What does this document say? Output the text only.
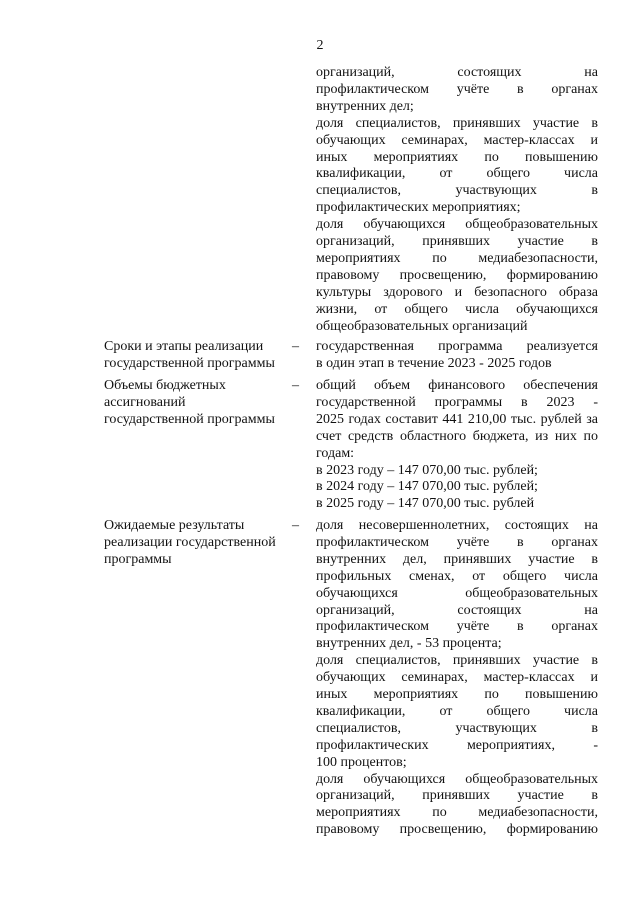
2
организаций, состоящих на
профилактическом учёте в органах
внутренних дел;
доля специалистов, принявших участие в
обучающих семинарах, мастер-классах и
иных мероприятиях по повышению
квалификации, от общего числа
специалистов, участвующих в
профилактических мероприятиях;
доля обучающихся общеобразовательных
организаций, принявших участие в
мероприятиях по медиабезопасности,
правовому просвещению, формированию
культуры здорового и безопасного образа
жизни, от общего числа обучающихся
общеобразовательных организаций
Сроки и этапы реализации
государственной программы
– государственная программа реализуется
в один этап в течение 2023 - 2025 годов
Объемы бюджетных
ассигнований
государственной программы
– общий объем финансового обеспечения
государственной программы в 2023 -
2025 годах составит 441 210,00 тыс. рублей за
счет средств областного бюджета, из них по
годам:
в 2023 году – 147 070,00 тыс. рублей;
в 2024 году – 147 070,00 тыс. рублей;
в 2025 году – 147 070,00 тыс. рублей
Ожидаемые результаты
реализации государственной
программы
– доля несовершеннолетних, состоящих на
профилактическом учёте в органах
внутренних дел, принявших участие в
профильных сменах, от общего числа
обучающихся общеобразовательных
организаций, состоящих на
профилактическом учёте в органах
внутренних дел, - 53 процента;
доля специалистов, принявших участие в
обучающих семинарах, мастер-классах и
иных мероприятиях по повышению
квалификации, от общего числа
специалистов, участвующих в
профилактических мероприятиях, -
100 процентов;
доля обучающихся общеобразовательных
организаций, принявших участие в
мероприятиях по медиабезопасности,
правовому просвещению, формированию
